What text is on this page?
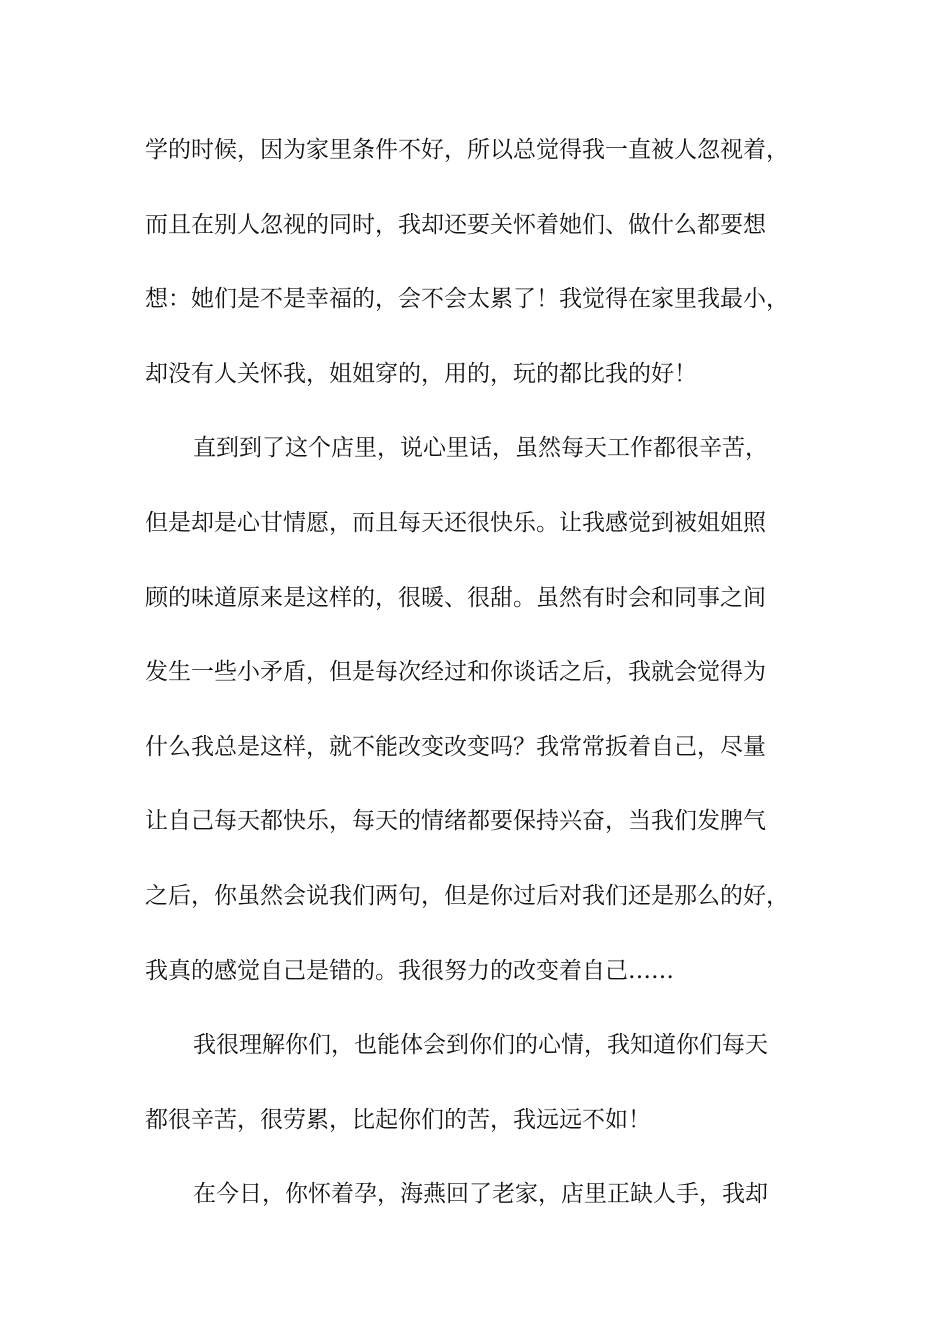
学的时候，因为家里条件不好，所以总觉得我一直被人忽视着，
而且在别人忽视的同时，我却还要关怀着她们、做什么都要想
想：她们是不是幸福的，会不会太累了！我觉得在家里我最小，
却没有人关怀我，姐姐穿的，用的，玩的都比我的好！
直到到了这个店里，说心里话，虽然每天工作都很辛苦，
但是却是心甘情愿，而且每天还很快乐。让我感觉到被姐姐照
顾的味道原来是这样的，很暖、很甜。虽然有时会和同事之间
发生一些小矛盾，但是每次经过和你谈话之后，我就会觉得为
什么我总是这样，就不能改变改变吗？我常常扳着自己，尽量
让自己每天都快乐，每天的情绪都要保持兴奋，当我们发脾气
之后，你虽然会说我们两句，但是你过后对我们还是那么的好，
我真的感觉自己是错的。我很努力的改变着自己……
我很理解你们，也能体会到你们的心情，我知道你们每天
都很辛苦，很劳累，比起你们的苦，我远远不如！
在今日，你怀着孕，海燕回了老家，店里正缺人手，我却
